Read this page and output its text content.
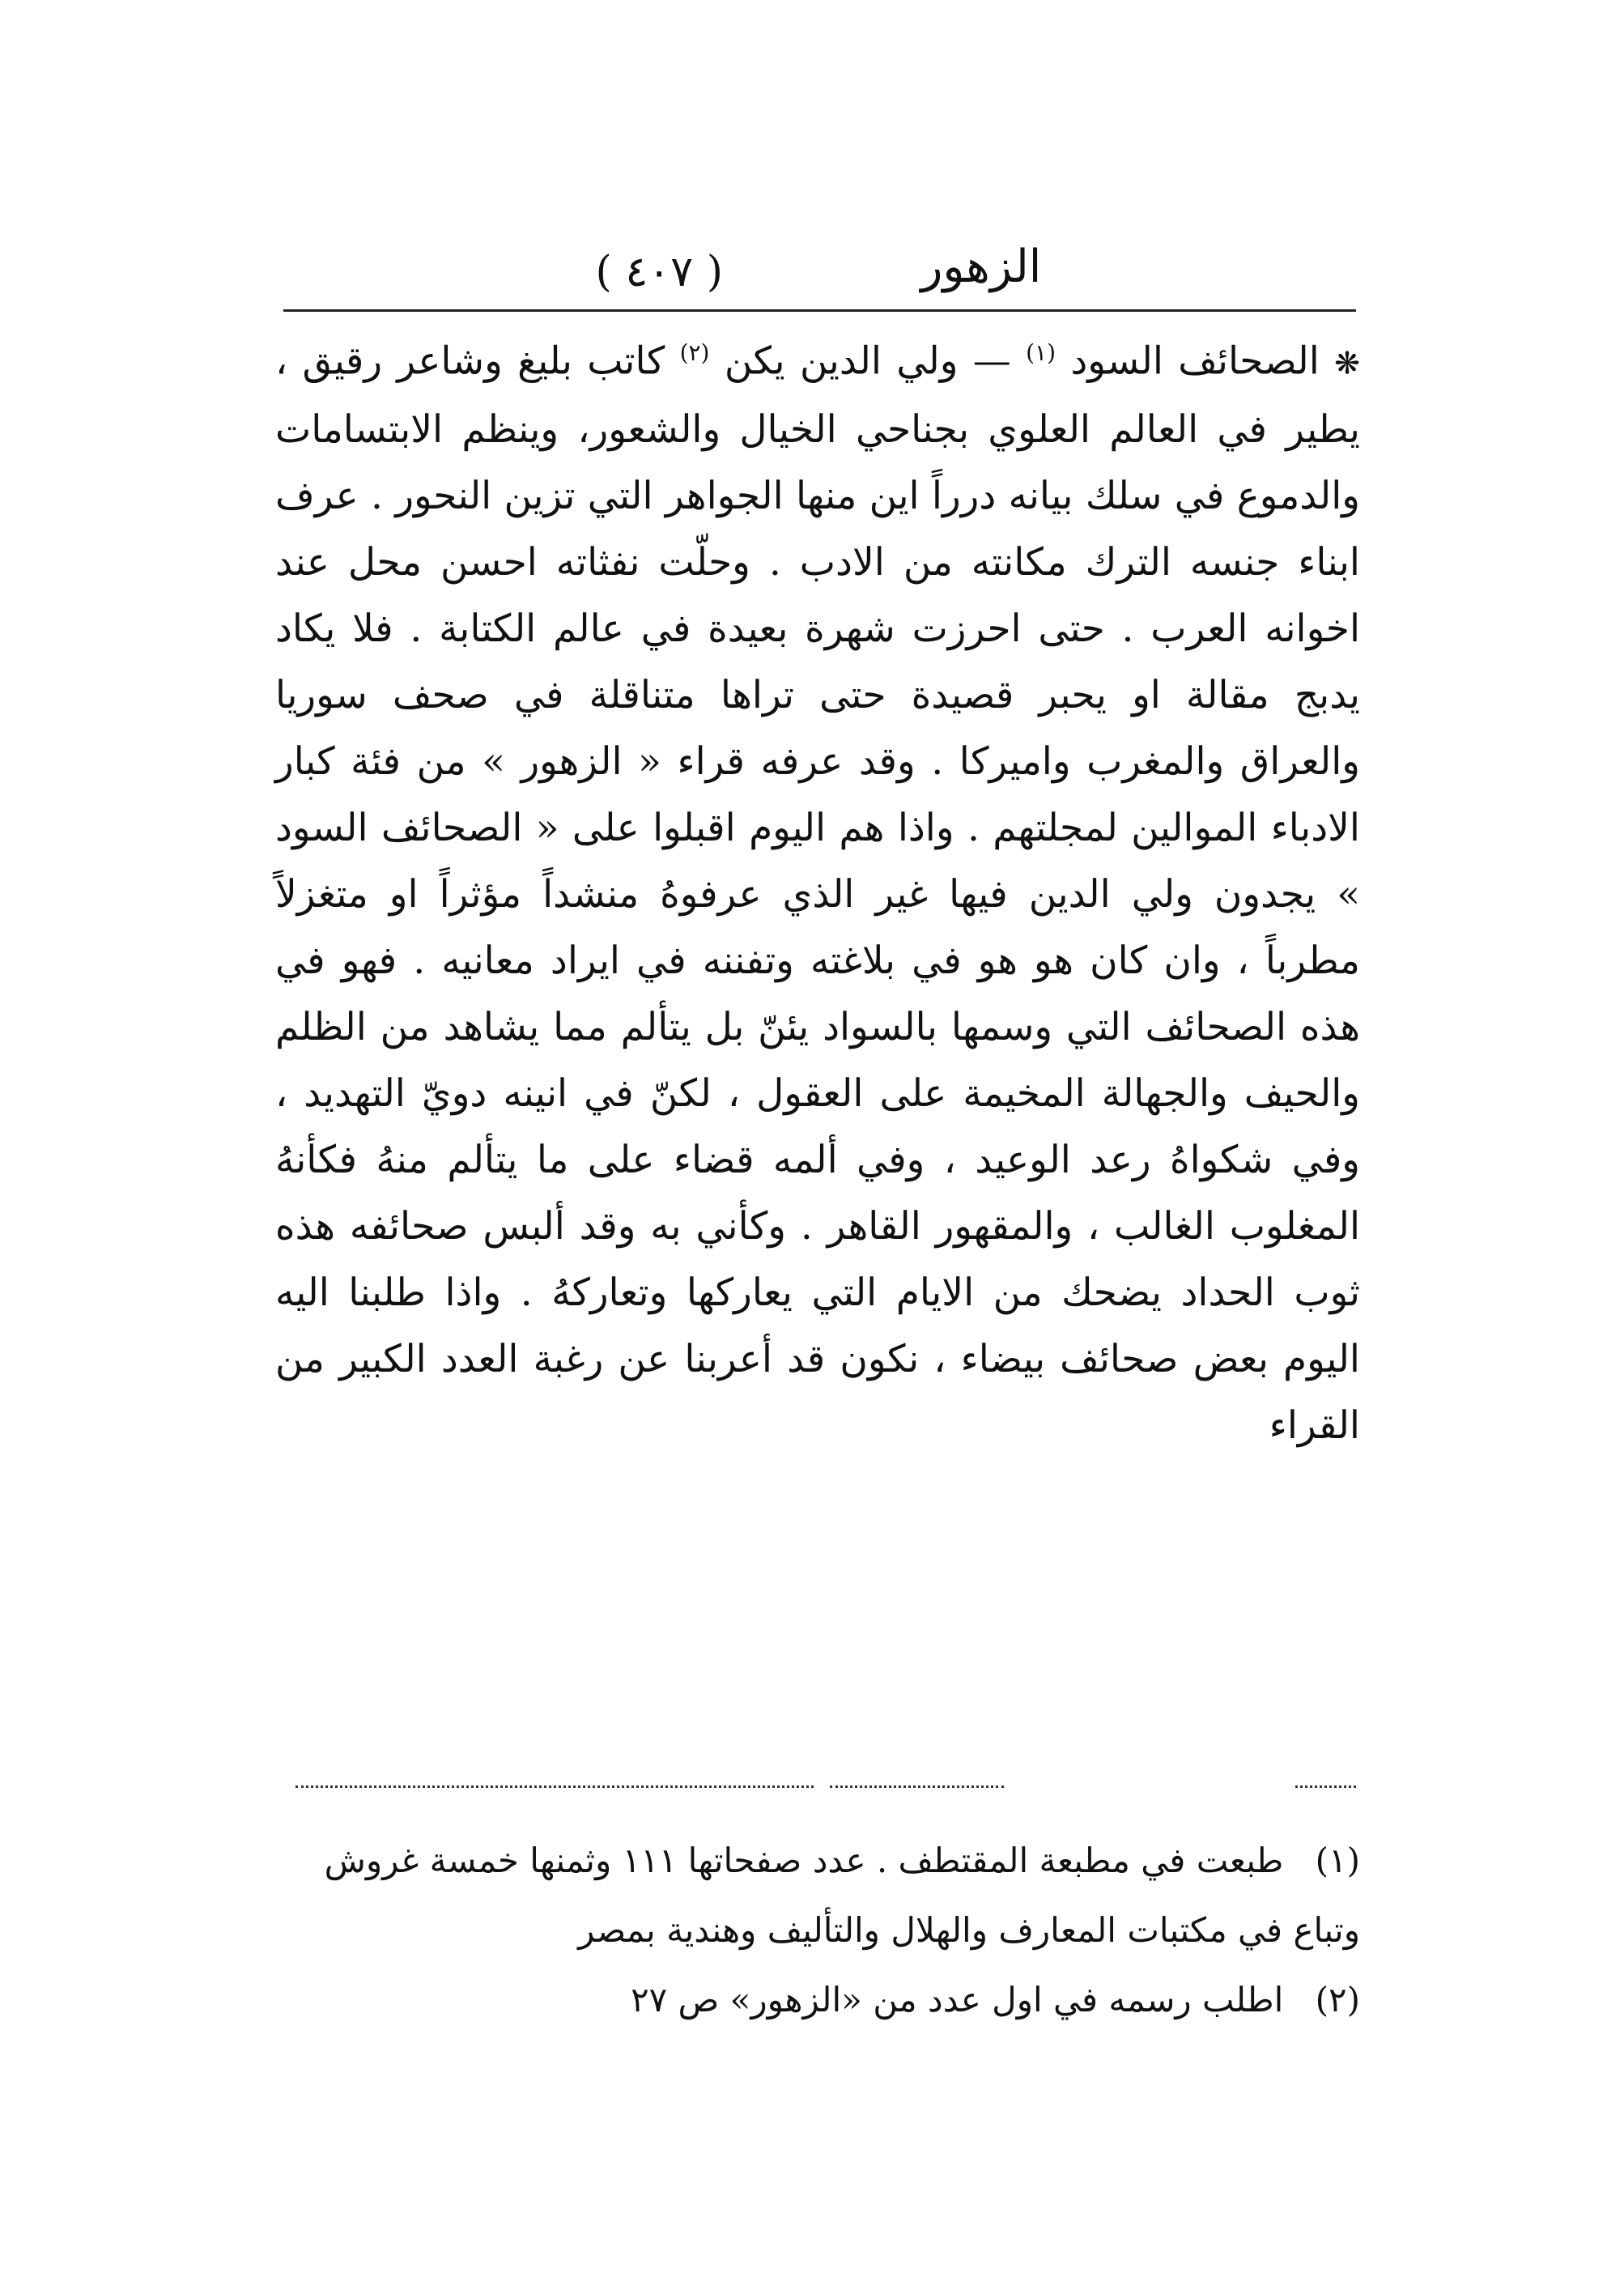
الزهور
( ٤٠٧ )

❋ الصحائف السود $^{(١)}$ — ولي الدين يكن $^{(٢)}$ كاتب بليغ وشاعر رقيق ، يطير في العالم العلوي بجناحي الخيال والشعور، وينظم الابتسامات والدموع في سلك بيانه درراً اين منها الجواهر التي تزين النحور . عرف ابناء جنسه الترك مكانته من الادب . وحلّت نفثاته احسن محل عند اخوانه العرب . حتى احرزت شهرة بعيدة في عالم الكتابة . فلا يكاد يدبج مقالة او يحبر قصيدة حتى تراها متناقلة في صحف سوريا والعراق والمغرب واميركا . وقد عرفه قراء « الزهور » من فئة كبار الادباء الموالين لمجلتهم . واذا هم اليوم اقبلوا على « الصحائف السود » يجدون ولي الدين فيها غير الذي عرفوهُ منشداً مؤثراً او متغزلاً مطرباً ، وان كان هو هو في بلاغته وتفننه في ايراد معانيه . فهو في هذه الصحائف التي وسمها بالسواد يئنّ بل يتألم مما يشاهد من الظلم والحيف والجهالة المخيمة على العقول ، لكنّ في انينه دويّ التهديد ، وفي شكواهُ رعد الوعيد ، وفي ألمه قضاء على ما يتألم منهُ فكأنهُ المغلوب الغالب ، والمقهور القاهر . وكأني به وقد ألبس صحائفه هذه ثوب الحداد يضحك من الايام التي يعاركها وتعاركهُ . واذا طلبنا اليه اليوم بعض صحائف بيضاء ، نكون قد أعربنا عن رغبة العدد الكبير من القراء

(١) طبعت في مطبعة المقتطف . عدد صفحاتها ١١١ وثمنها خمسة غروش وتباع في مكتبات المعارف والهلال والتأليف وهندية بمصر

(٢) اطلب رسمه في اول عدد من «الزهور» ص ٢٧
